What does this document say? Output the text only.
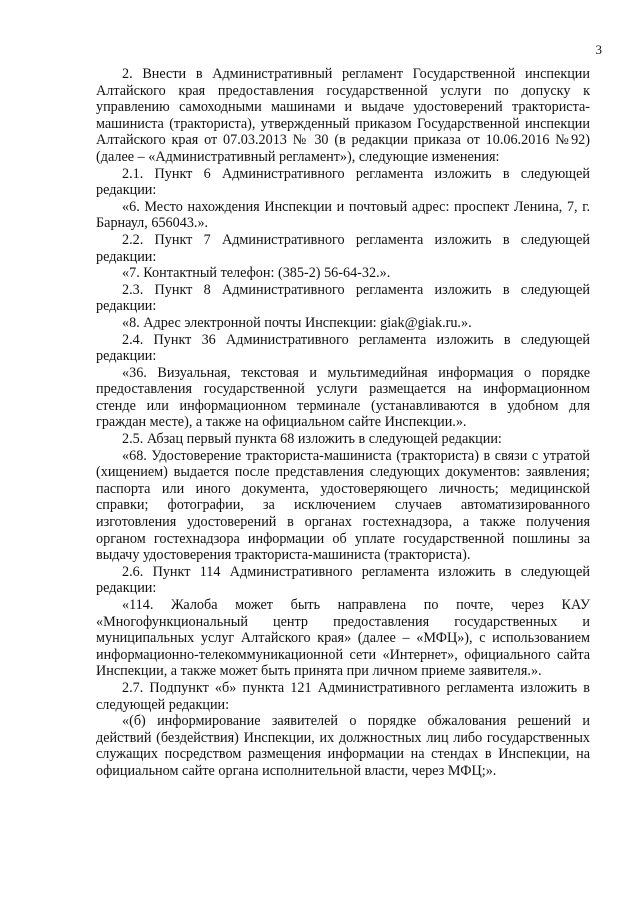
3

2. Внести в Административный регламент Государственной инспекции Алтайского края предоставления государственной услуги по допуску к управлению самоходными машинами и выдаче удостоверений тракториста-машиниста (тракториста), утвержденный приказом Государственной инспекции Алтайского края от 07.03.2013 № 30 (в редакции приказа от 10.06.2016 №92) (далее – «Административный регламент»), следующие изменения:

2.1. Пункт 6 Административного регламента изложить в следующей редакции:

«6. Место нахождения Инспекции и почтовый адрес: проспект Ленина, 7, г. Барнаул, 656043.».

2.2. Пункт 7 Административного регламента изложить в следующей редакции:

«7. Контактный телефон: (385-2) 56-64-32.».

2.3. Пункт 8 Административного регламента изложить в следующей редакции:

«8. Адрес электронной почты Инспекции: giak@giak.ru.».

2.4. Пункт 36 Административного регламента изложить в следующей редакции:

«36. Визуальная, текстовая и мультимедийная информация о порядке предоставления государственной услуги размещается на информационном стенде или информационном терминале (устанавливаются в удобном для граждан месте), а также на официальном сайте Инспекции.».

2.5. Абзац первый пункта 68 изложить в следующей редакции:

«68. Удостоверение тракториста-машиниста (тракториста) в связи с утратой (хищением) выдается после представления следующих документов: заявления; паспорта или иного документа, удостоверяющего личность; медицинской справки; фотографии, за исключением случаев автоматизированного изготовления удостоверений в органах гостехнадзора, а также получения органом гостехнадзора информации об уплате государственной пошлины за выдачу удостоверения тракториста-машиниста (тракториста).

2.6. Пункт 114 Административного регламента изложить в следующей редакции:

«114. Жалоба может быть направлена по почте, через КАУ «Многофункциональный центр предоставления государственных и муниципальных услуг Алтайского края» (далее – «МФЦ»), с использованием информационно-телекоммуникационной сети «Интернет», официального сайта Инспекции, а также может быть принята при личном приеме заявителя.».

2.7. Подпункт «б» пункта 121 Административного регламента изложить в следующей редакции:

«(б) информирование заявителей о порядке обжалования решений и действий (бездействия) Инспекции, их должностных лиц либо государственных служащих посредством размещения информации на стендах в Инспекции, на официальном сайте органа исполнительной власти, через МФЦ;».
